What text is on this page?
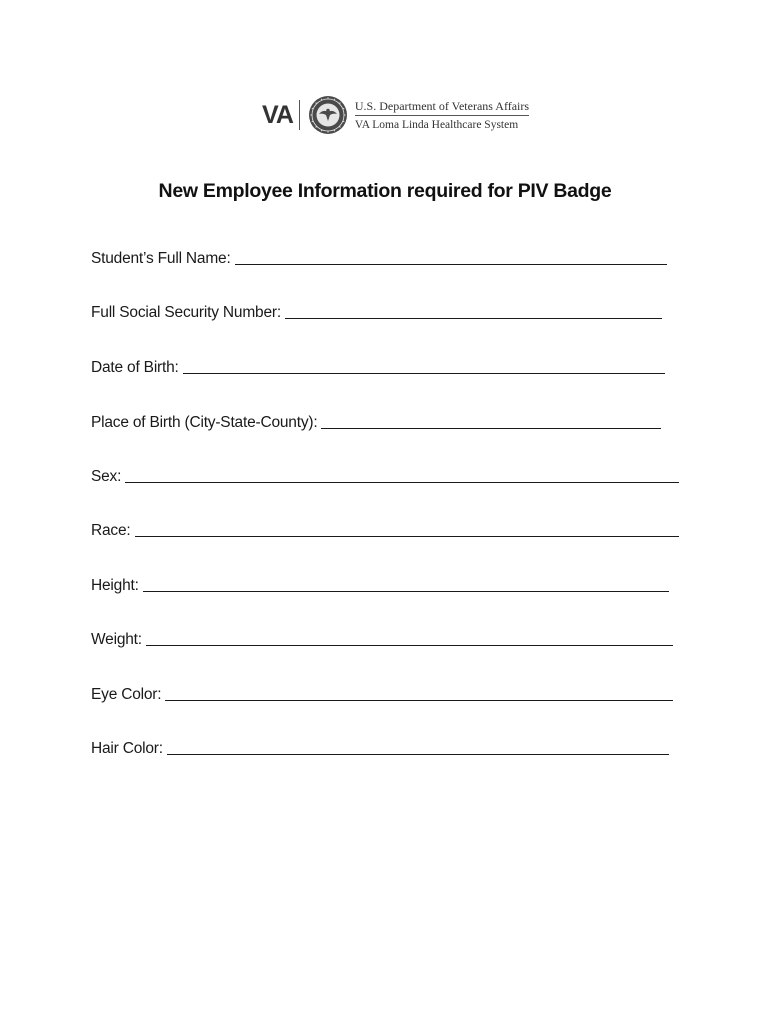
VA	U.S. Department of Veterans Affairs
VA Loma Linda Healthcare System
New Employee Information required for PIV Badge
Student’s Full Name:
Full Social Security Number:
Date of Birth:
Place of Birth (City-State-County):
Sex:
Race:
Height:
Weight:
Eye Color:
Hair Color:
